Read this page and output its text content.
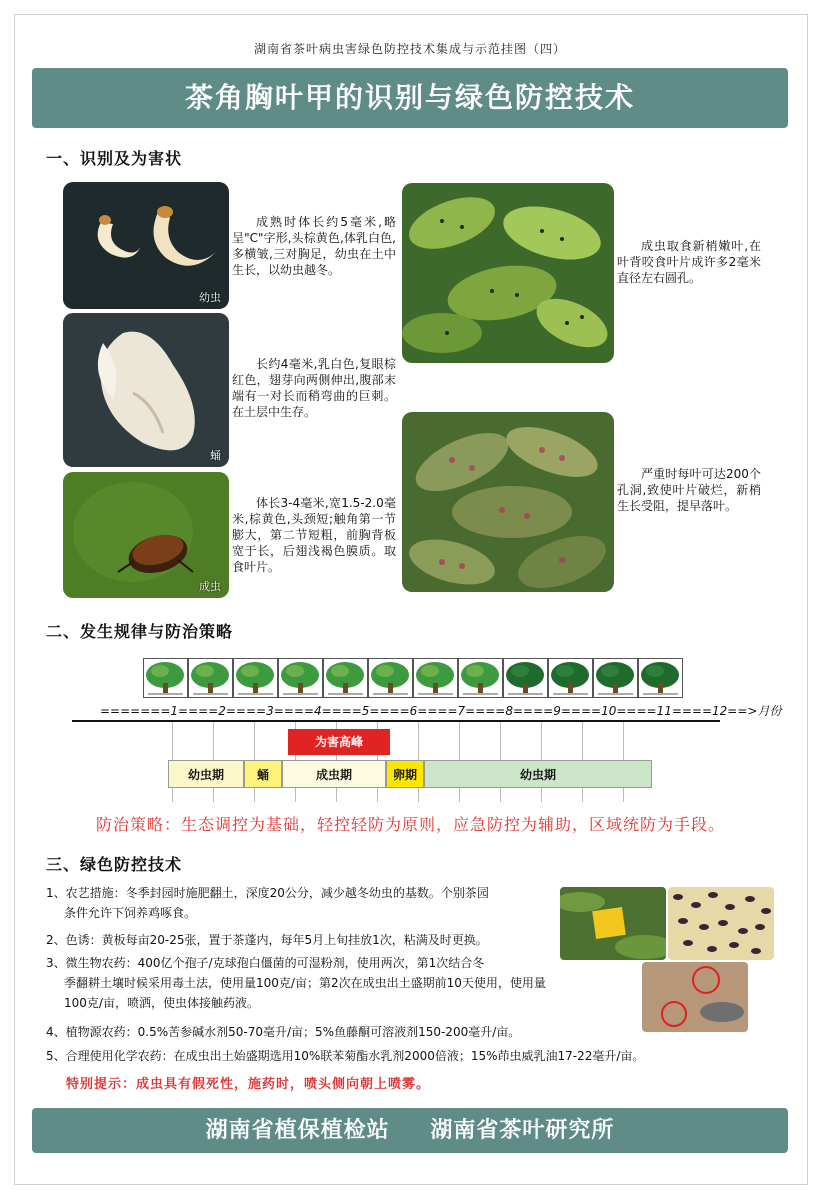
湖南省茶叶病虫害绿色防控技术集成与示范挂图（四）
茶角胸叶甲的识别与绿色防控技术
一、识别及为害状
幼虫
成熟时体长约5毫米,略呈"C"字形,头棕黄色,体乳白色,多横皱,三对胸足，幼虫在土中生长，以幼虫越冬。
蛹
长约4毫米,乳白色,复眼棕红色，翅芽向两侧伸出,腹部末端有一对长而稍弯曲的巨刺。在土层中生存。
成虫
体长3-4毫米,宽1.5-2.0毫米,棕黄色,头颈短;触角第一节膨大，第二节短粗，前胸背板宽于长，后翅浅褐色膜质。取食叶片。
成虫取食新梢嫩叶,在叶背咬食叶片成许多2毫米直径左右圆孔。
严重时每叶可达200个孔洞,致使叶片破烂，新梢生长受阻，提早落叶。
二、发生规律与防治策略
=======1====2====3====4====5====6====7====8====9====10====11====12==>月份
为害高峰
幼虫期	蛹	成虫期	卵期	幼虫期
防治策略：生态调控为基础，轻控轻防为原则，应急防控为辅助，区域统防为手段。
三、绿色防控技术
1、农艺措施：冬季封园时施肥翻土，深度20公分，减少越冬幼虫的基数。个别茶园
条件允许下饲养鸡啄食。
2、色诱：黄板每亩20-25张，置于茶蓬内，每年5月上旬挂放1次，粘满及时更换。
3、微生物农药：400亿个孢子/克球孢白僵菌的可湿粉剂，使用两次，第1次结合冬
季翻耕土壤时候采用毒土法，使用量100克/亩；第2次在成虫出土盛期前10天使用，使用量
100克/亩，喷洒，使虫体接触药液。
4、植物源农药：0.5%苦参碱水剂50-70毫升/亩；5%鱼藤酮可溶液剂150-200毫升/亩。
5、合理使用化学农药：在成虫出土始盛期选用10%联苯菊酯水乳剂2000倍液；15%茚虫威乳油17-22毫升/亩。
特别提示：成虫具有假死性，施药时，喷头侧向朝上喷雾。
湖南省植保植检站 湖南省茶叶研究所
